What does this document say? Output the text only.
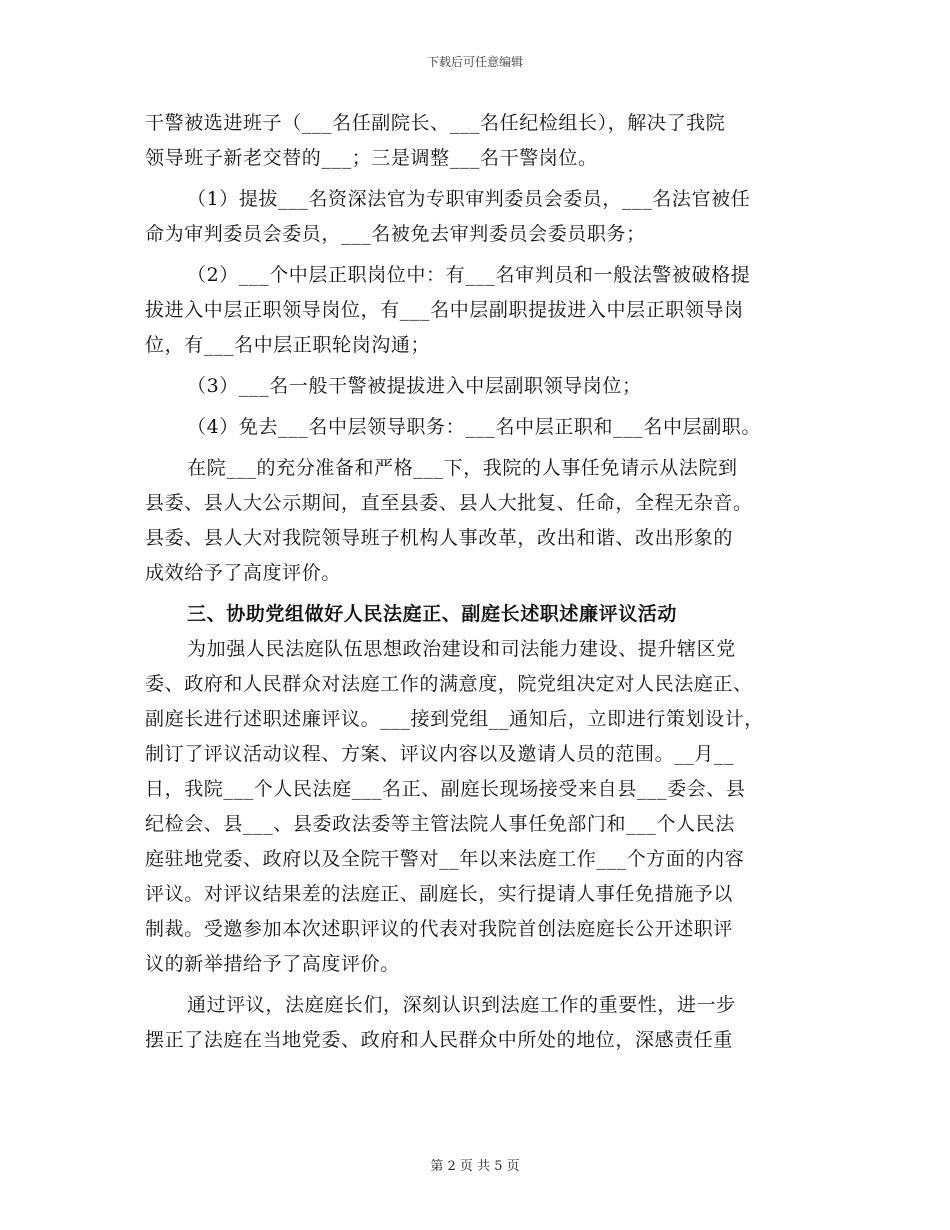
下载后可任意编辑
干警被选进班子（___名任副院长、___名任纪检组长），解决了我院
领导班子新老交替的___；三是调整___名干警岗位。
（1）提拔___名资深法官为专职审判委员会委员，___名法官被任
命为审判委员会委员，___名被免去审判委员会委员职务；
（2）___个中层正职岗位中：有___名审判员和一般法警被破格提
拔进入中层正职领导岗位，有___名中层副职提拔进入中层正职领导岗
位，有___名中层正职轮岗沟通；
（3）___名一般干警被提拔进入中层副职领导岗位；
（4）免去___名中层领导职务：___名中层正职和___名中层副职。
在院___的充分准备和严格___下，我院的人事任免请示从法院到
县委、县人大公示期间，直至县委、县人大批复、任命，全程无杂音。
县委、县人大对我院领导班子机构人事改革，改出和谐、改出形象的
成效给予了高度评价。
三、协助党组做好人民法庭正、副庭长述职述廉评议活动
为加强人民法庭队伍思想政治建设和司法能力建设、提升辖区党
委、政府和人民群众对法庭工作的满意度，院党组决定对人民法庭正、
副庭长进行述职述廉评议。___接到党组__通知后，立即进行策划设计，
制订了评议活动议程、方案、评议内容以及邀请人员的范围。__月__
日，我院___个人民法庭___名正、副庭长现场接受来自县___委会、县
纪检会、县___、县委政法委等主管法院人事任免部门和___个人民法
庭驻地党委、政府以及全院干警对__年以来法庭工作___个方面的内容
评议。对评议结果差的法庭正、副庭长，实行提请人事任免措施予以
制裁。受邀参加本次述职评议的代表对我院首创法庭庭长公开述职评
议的新举措给予了高度评价。
通过评议，法庭庭长们，深刻认识到法庭工作的重要性，进一步
摆正了法庭在当地党委、政府和人民群众中所处的地位，深感责任重
第 2 页 共 5 页
